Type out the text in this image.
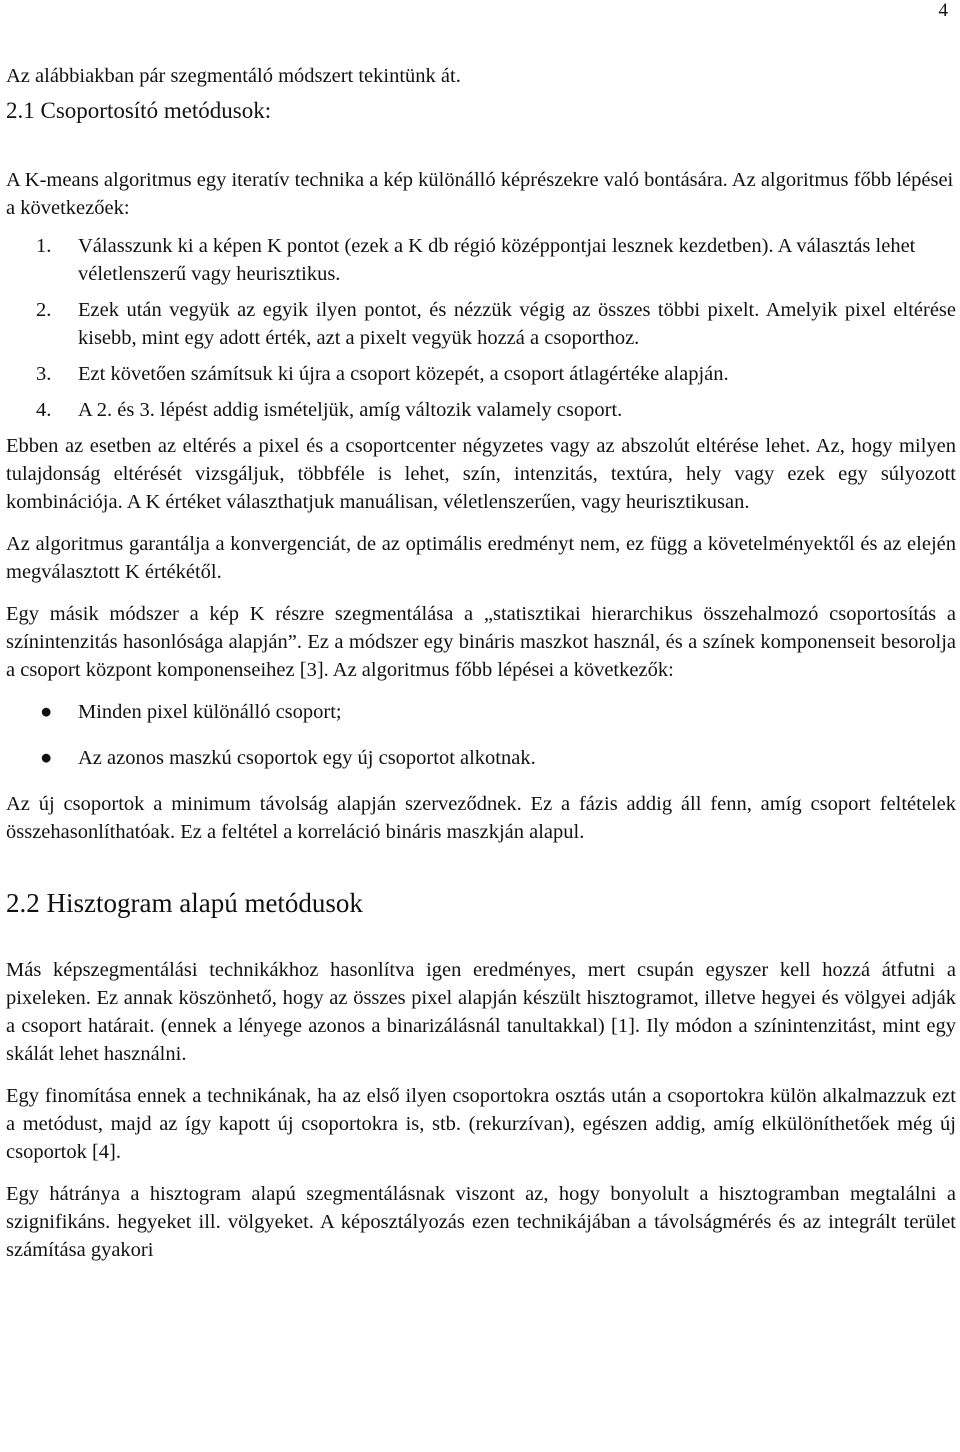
4

Az alábbiakban pár szegmentáló módszert tekintünk át.

2.1 Csoportosító metódusok:

A K-means algoritmus egy iteratív technika a kép különálló képrészekre való bontására. Az algoritmus főbb lépései a következőek:

1. Válasszunk ki a képen K pontot (ezek a K db régió középpontjai lesznek kezdetben). A választás lehet véletlenszerű vagy heurisztikus.
2. Ezek után vegyük az egyik ilyen pontot, és nézzük végig az összes többi pixelt. Amelyik pixel eltérése kisebb, mint egy adott érték, azt a pixelt vegyük hozzá a csoporthoz.
3. Ezt követően számítsuk ki újra a csoport közepét, a csoport átlagértéke alapján.
4. A 2. és 3. lépést addig ismételjük, amíg változik valamely csoport.

Ebben az esetben az eltérés a pixel és a csoportcenter négyzetes vagy az abszolút eltérése lehet. Az, hogy milyen tulajdonság eltérését vizsgáljuk, többféle is lehet, szín, intenzitás, textúra, hely vagy ezek egy súlyozott kombinációja. A K értéket választhatjuk manuálisan, véletlenszerűen, vagy heurisztikusan.

Az algoritmus garantálja a konvergenciát, de az optimális eredményt nem, ez függ a követelményektől és az elején megválasztott K értékétől.

Egy másik módszer a kép K részre szegmentálása a „statisztikai hierarchikus összehalmozó csoportosítás a színintenzitás hasonlósága alapján”. Ez a módszer egy bináris maszkot használ, és a színek komponenseit besorolja a csoport központ komponenseihez [3]. Az algoritmus főbb lépései a következők:

● Minden pixel különálló csoport;
● Az azonos maszkú csoportok egy új csoportot alkotnak.

Az új csoportok a minimum távolság alapján szerveződnek. Ez a fázis addig áll fenn, amíg csoport feltételek összehasonlíthatóak. Ez a feltétel a korreláció bináris maszkján alapul.

2.2 Hisztogram alapú metódusok

Más képszegmentálási technikákhoz hasonlítva igen eredményes, mert csupán egyszer kell hozzá átfutni a pixeleken. Ez annak köszönhető, hogy az összes pixel alapján készült hisztogramot, illetve hegyei és völgyei adják a csoport határait. (ennek a lényege azonos a binarizálásnál tanultakkal) [1]. Ily módon a színintenzitást, mint egy skálát lehet használni.

Egy finomítása ennek a technikának, ha az első ilyen csoportokra osztás után a csoportokra külön alkalmazzuk ezt a metódust, majd az így kapott új csoportokra is, stb. (rekurzívan), egészen addig, amíg elkülöníthetőek még új csoportok [4].

Egy hátránya a hisztogram alapú szegmentálásnak viszont az, hogy bonyolult a hisztogramban megtalálni a szignifikáns. hegyeket ill. völgyeket. A képosztályozás ezen technikájában a távolságmérés és az integrált terület számítása gyakori
